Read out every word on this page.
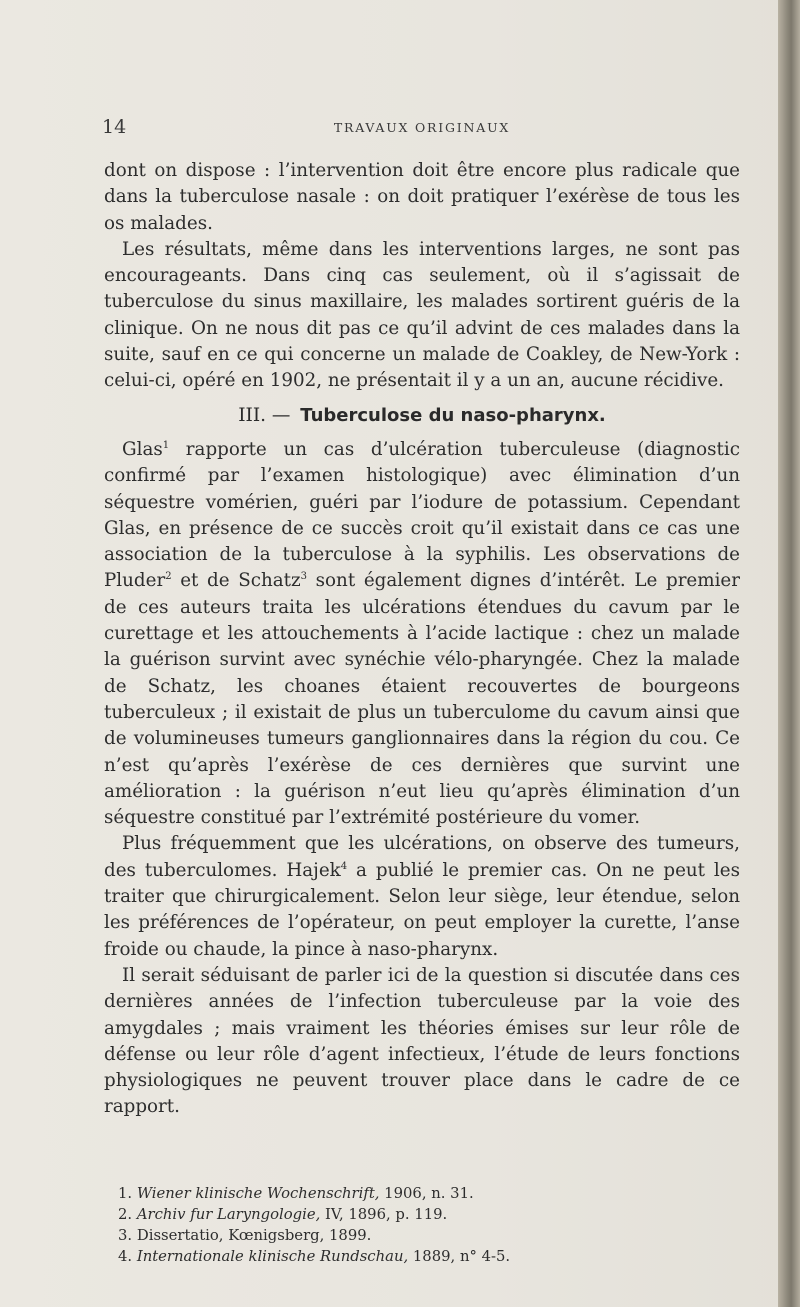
14	TRAVAUX ORIGINAUX

dont on dispose : l’intervention doit être encore plus radicale que dans la tuberculose nasale : on doit pratiquer l’exérèse de tous les os malades.

Les résultats, même dans les interventions larges, ne sont pas encourageants. Dans cinq cas seulement, où il s’agissait de tuberculose du sinus maxillaire, les malades sortirent guéris de la clinique. On ne nous dit pas ce qu’il advint de ces malades dans la suite, sauf en ce qui concerne un malade de Coakley, de New-York : celui-ci, opéré en 1902, ne présentait il y a un an, aucune récidive.

III. — Tuberculose du naso-pharynx.

Glas$^1$ rapporte un cas d’ulcération tuberculeuse (diagnostic confirmé par l’examen histologique) avec élimination d’un séquestre vomérien, guéri par l’iodure de potassium. Cependant Glas, en présence de ce succès croit qu’il existait dans ce cas une association de la tuberculose à la syphilis. Les observations de Pluder$^2$ et de Schatz$^3$ sont également dignes d’intérêt. Le premier de ces auteurs traita les ulcérations étendues du cavum par le curettage et les attouchements à l’acide lactique : chez un malade la guérison survint avec synéchie vélo-pharyngée. Chez la malade de Schatz, les choanes étaient recouvertes de bourgeons tuberculeux ; il existait de plus un tuberculome du cavum ainsi que de volumineuses tumeurs ganglionnaires dans la région du cou. Ce n’est qu’après l’exérèse de ces dernières que survint une amélioration : la guérison n’eut lieu qu’après élimination d’un séquestre constitué par l’extrémité postérieure du vomer.

Plus fréquemment que les ulcérations, on observe des tumeurs, des tuberculomes. Hajek$^4$ a publié le premier cas. On ne peut les traiter que chirurgicalement. Selon leur siège, leur étendue, selon les préférences de l’opérateur, on peut employer la curette, l’anse froide ou chaude, la pince à naso-pharynx.

Il serait séduisant de parler ici de la question si discutée dans ces dernières années de l’infection tuberculeuse par la voie des amygdales ; mais vraiment les théories émises sur leur rôle de défense ou leur rôle d’agent infectieux, l’étude de leurs fonctions physiologiques ne peuvent trouver place dans le cadre de ce rapport.

1. Wiener klinische Wochenschrift, 1906, n. 31.
2. Archiv fur Laryngologie, IV, 1896, p. 119.
3. Dissertatio, Kœnigsberg, 1899.
4. Internationale klinische Rundschau, 1889, n° 4-5.
